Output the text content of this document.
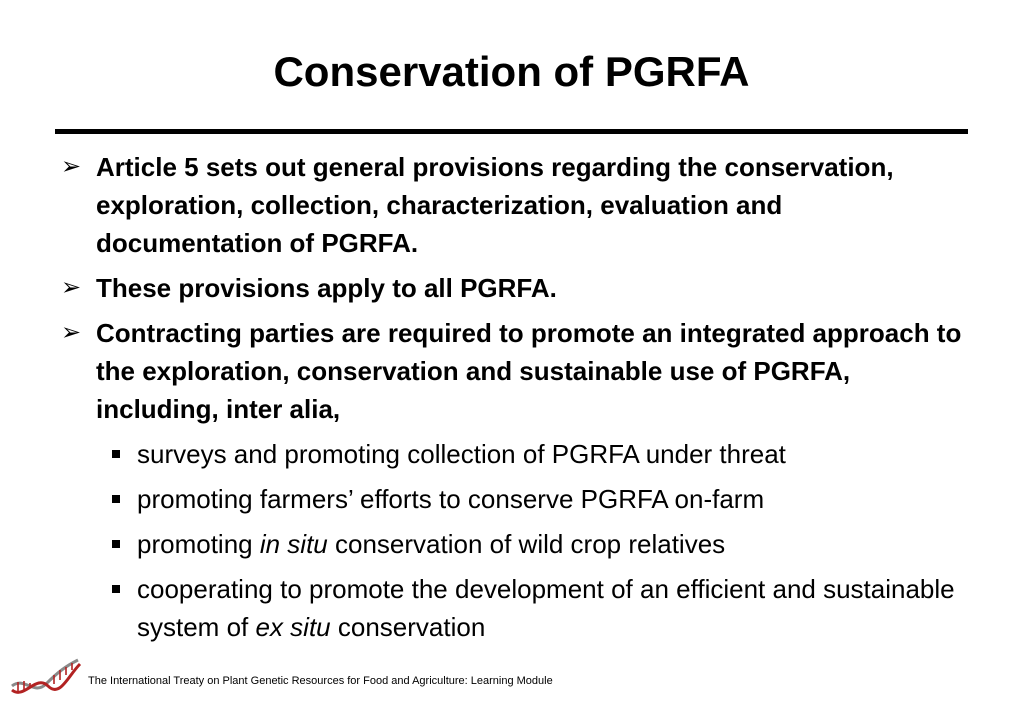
Conservation of PGRFA
➢ Article 5 sets out general provisions regarding the conservation, exploration, collection, characterization, evaluation and documentation of PGRFA.
➢ These provisions apply to all PGRFA.
➢ Contracting parties are required to promote an integrated approach to the exploration, conservation and sustainable use of PGRFA, including, inter alia,
surveys and promoting collection of PGRFA under threat
promoting farmers’ efforts to conserve PGRFA on-farm
promoting in situ conservation of wild crop relatives
cooperating to promote the development of an efficient and sustainable system of ex situ conservation
The International Treaty on Plant Genetic Resources for Food and Agriculture: Learning Module
